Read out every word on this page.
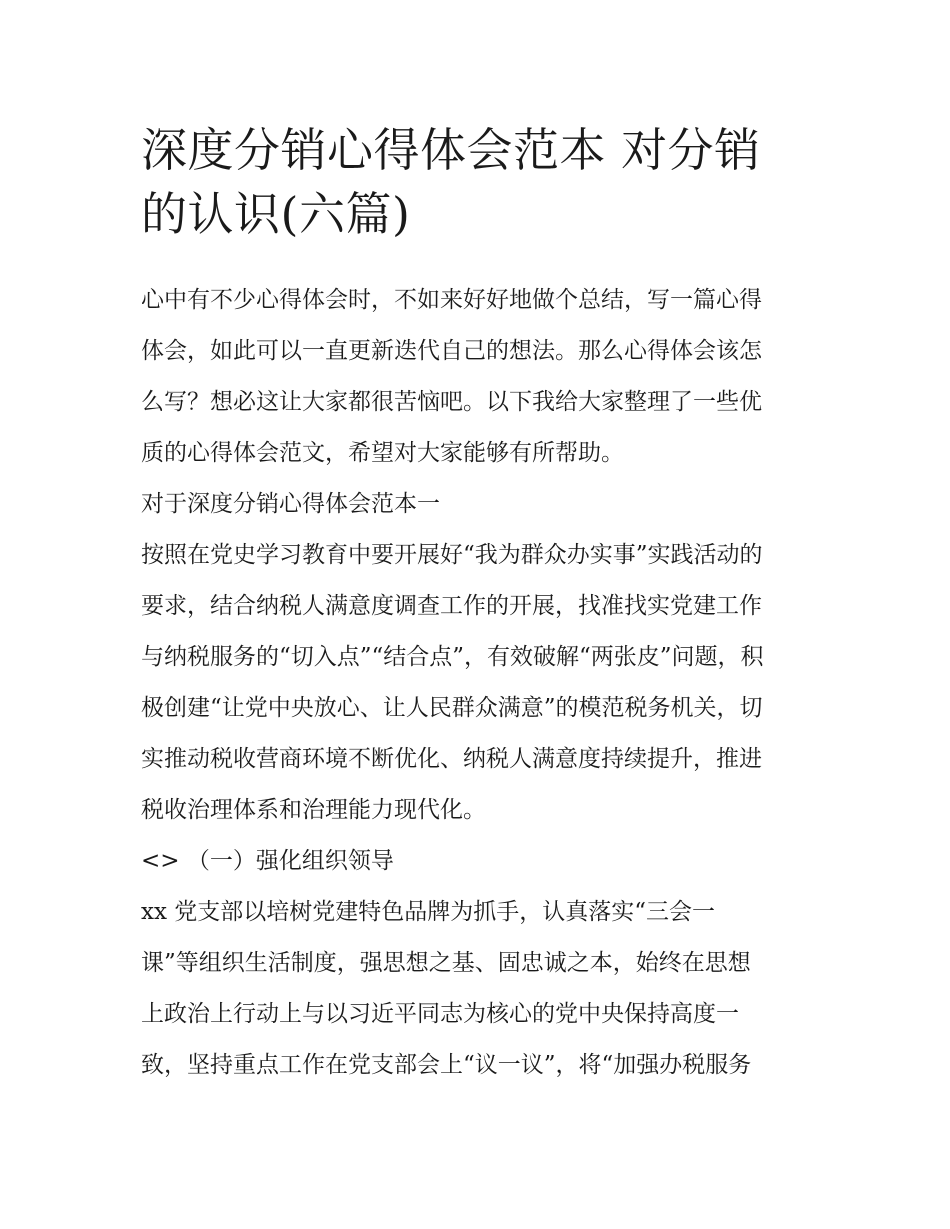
深度分销心得体会范本 对分销
的认识(六篇)

心中有不少心得体会时，不如来好好地做个总结，写一篇心得
体会，如此可以一直更新迭代自己的想法。那么心得体会该怎
么写？想必这让大家都很苦恼吧。以下我给大家整理了一些优
质的心得体会范文，希望对大家能够有所帮助。

对于深度分销心得体会范本一

按照在党史学习教育中要开展好“我为群众办实事”实践活动的
要求，结合纳税人满意度调查工作的开展，找准找实党建工作
与纳税服务的“切入点”“结合点”，有效破解“两张皮”问题，积
极创建“让党中央放心、让人民群众满意”的模范税务机关，切
实推动税收营商环境不断优化、纳税人满意度持续提升，推进
税收治理体系和治理能力现代化。

<> （一）强化组织领导

xx 党支部以培树党建特色品牌为抓手，认真落实“三会一
课”等组织生活制度，强思想之基、固忠诚之本，始终在思想
上政治上行动上与以习近平同志为核心的党中央保持高度一
致，坚持重点工作在党支部会上“议一议”，将“加强办税服务
